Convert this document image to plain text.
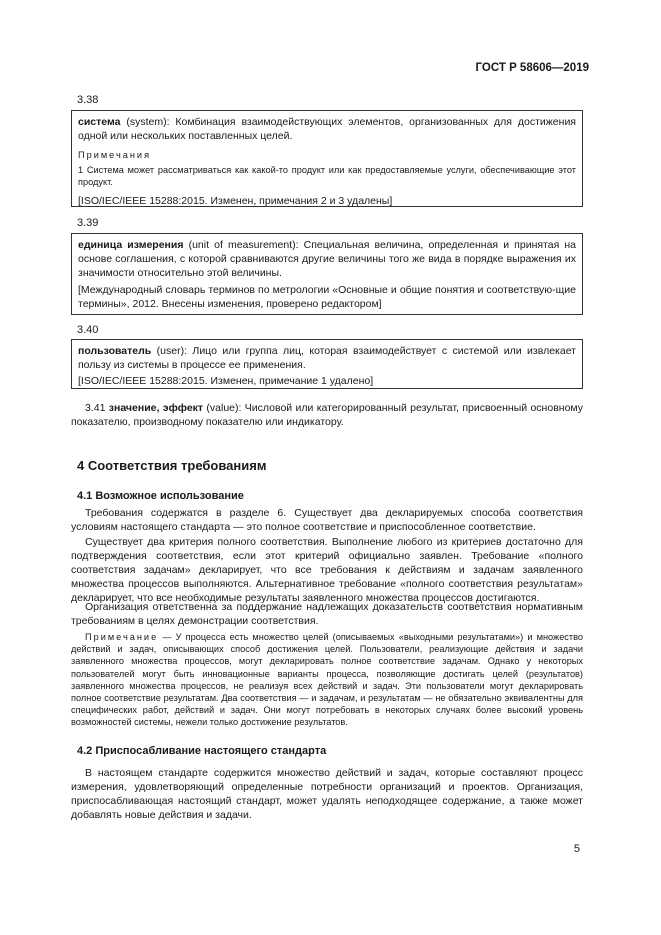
ГОСТ Р 58606—2019
3.38

система (system): Комбинация взаимодействующих элементов, организованных для достижения одной или нескольких поставленных целей.

Примечания

1 Система может рассматриваться как какой-то продукт или как предоставляемые услуги, обеспечивающие этот продукт.

[ISO/IEC/IEEE 15288:2015. Изменен, примечания 2 и 3 удалены]

3.39

единица измерения (unit of measurement): Специальная величина, определенная и принятая на основе соглашения, с которой сравниваются другие величины того же вида в порядке выражения их значимости относительно этой величины.

[Международный словарь терминов по метрологии «Основные и общие понятия и соответствую-щие термины», 2012. Внесены изменения, проверено редактором]

3.40

пользователь (user): Лицо или группа лиц, которая взаимодействует с системой или извлекает пользу из системы в процессе ее применения.

[ISO/IEC/IEEE 15288:2015. Изменен, примечание 1 удалено]

3.41 значение, эффект (value): Числовой или категорированный результат, присвоенный основному показателю, производному показателю или индикатору.

4 Соответствия требованиям
4.1 Возможное использование

Требования содержатся в разделе 6. Существует два декларируемых способа соответствия условиям настоящего стандарта — это полное соответствие и приспособленное соответствие.

Существует два критерия полного соответствия. Выполнение любого из критериев достаточно для подтверждения соответствия, если этот критерий официально заявлен. Требование «полного соответствия задачам» декларирует, что все требования к действиям и задачам заявленного множества процессов выполняются. Альтернативное требование «полного соответствия результатам» декларирует, что все необходимые результаты заявленного множества процессов достигаются.

Организация ответственна за поддержание надлежащих доказательств соответствия нормативным требованиям в целях демонстрации соответствия.

Примечание — У процесса есть множество целей (описываемых «выходными результатами») и множество действий и задач, описывающих способ достижения целей. Пользователи, реализующие действия и задачи заявленного множества процессов, могут декларировать полное соответствие задачам. Однако у некоторых пользователей могут быть инновационные варианты процесса, позволяющие достигать целей (результатов) заявленного множества процессов, не реализуя всех действий и задач. Эти пользователи могут декларировать полное соответствие результатам. Два соответствия — и задачам, и результатам — не обязательно эквивалентны для специфических работ, действий и задач. Они могут потребовать в некоторых случаях более высокий уровень возможностей системы, нежели только достижение результатов.

4.2 Приспосабливание настоящего стандарта

В настоящем стандарте содержится множество действий и задач, которые составляют процесс измерения, удовлетворяющий определенные потребности организаций и проектов. Организация, приспосабливающая настоящий стандарт, может удалять неподходящее содержание, а также может добавлять новые действия и задачи.

5
